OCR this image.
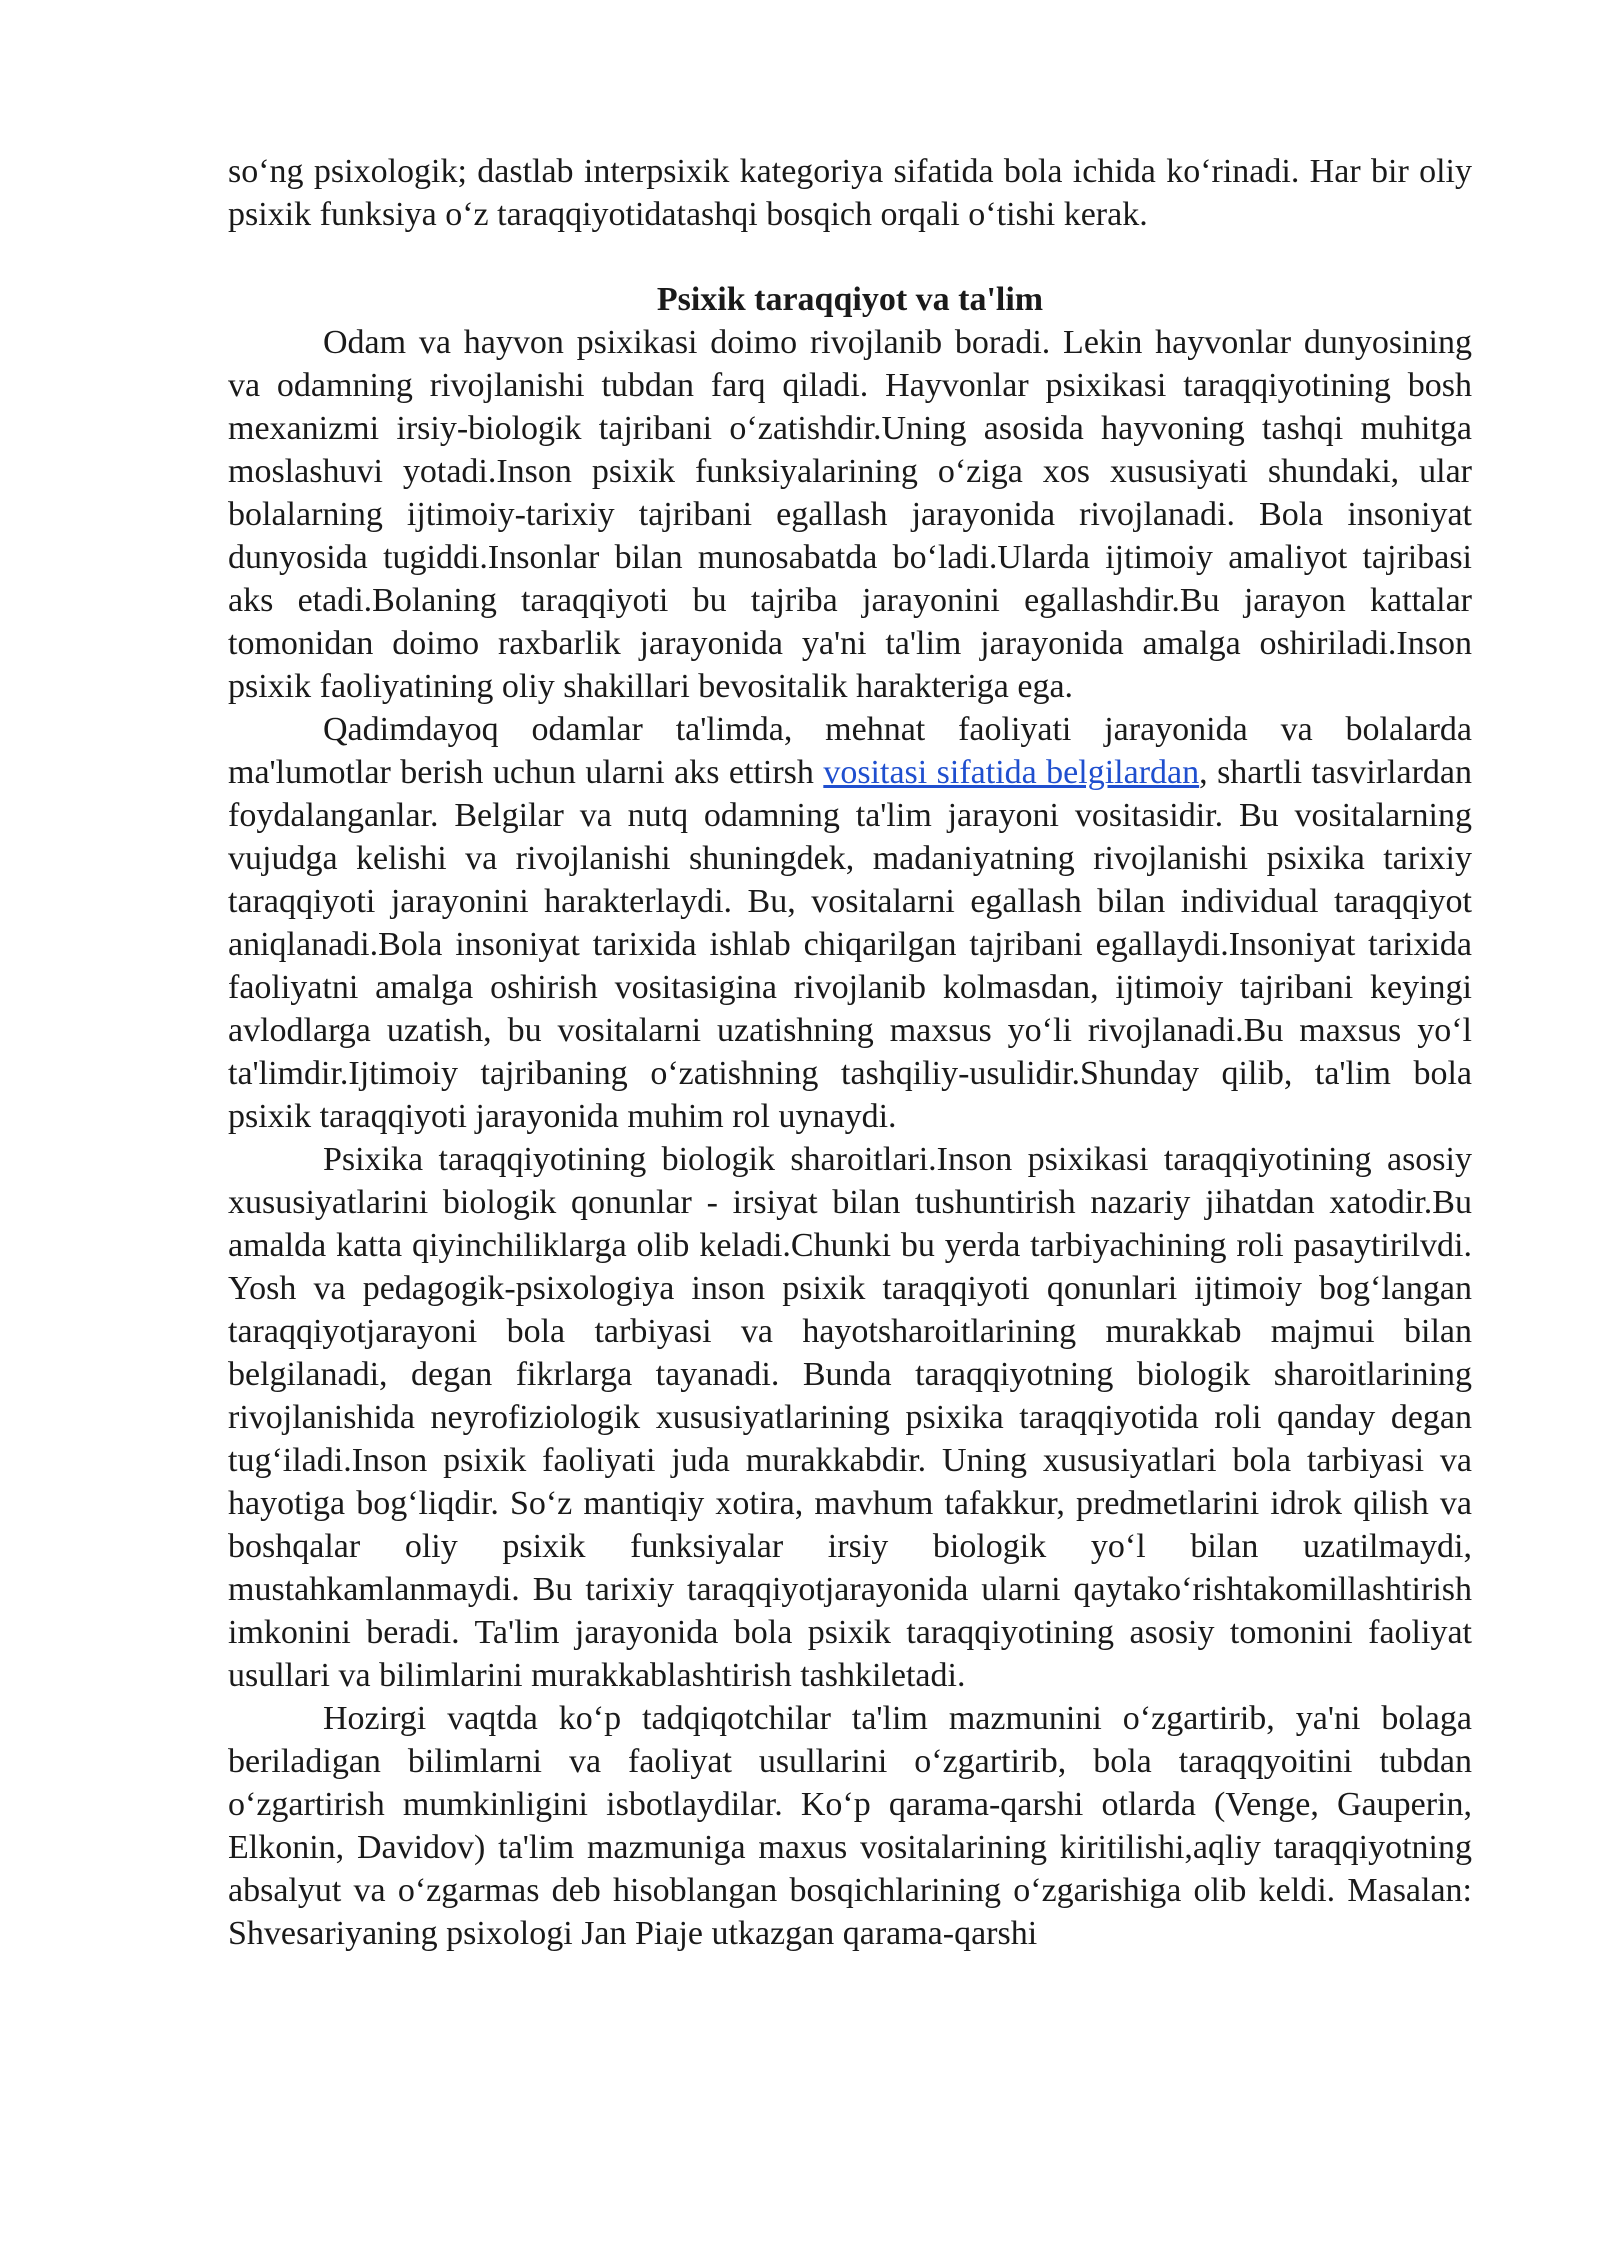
so‘ng psixologik; dastlab interpsixik kategoriya sifatida bola ichida ko‘rinadi. Har bir oliy psixik funksiya o‘z taraqqiyotidatashqi bosqich orqali o‘tishi kerak.

Psixik taraqqiyot va ta'lim

Odam va hayvon psixikasi doimo rivojlanib boradi. Lekin hayvonlar dunyosining va odamning rivojlanishi tubdan farq qiladi. Hayvonlar psixikasi taraqqiyotining bosh mexanizmi irsiy-biologik tajribani o‘zatishdir.Uning asosida hayvoning tashqi muhitga moslashuvi yotadi.Inson psixik funksiyalarining o‘ziga xos xususiyati shundaki, ular bolalarning ijtimoiy-tarixiy tajribani egallash jarayonida rivojlanadi. Bola insoniyat dunyosida tugiddi.Insonlar bilan munosabatda bo‘ladi.Ularda ijtimoiy amaliyot tajribasi aks etadi.Bolaning taraqqiyoti bu tajriba jarayonini egallashdir.Bu jarayon kattalar tomonidan doimo raxbarlik jarayonida ya'ni ta'lim jarayonida amalga oshiriladi.Inson psixik faoliyatining oliy shakillari bevositalik harakteriga ega.

Qadimdayoq odamlar ta'limda, mehnat faoliyati jarayonida va bolalarda ma'lumotlar berish uchun ularni aks ettirsh vositasi sifatida belgilardan, shartli tasvirlardan foydalanganlar. Belgilar va nutq odamning ta'lim jarayoni vositasidir. Bu vositalarning vujudga kelishi va rivojlanishi shuningdek, madaniyatning rivojlanishi psixika tarixiy taraqqiyoti jarayonini harakterlaydi. Bu, vositalarni egallash bilan individual taraqqiyot aniqlanadi.Bola insoniyat tarixida ishlab chiqarilgan tajribani egallaydi.Insoniyat tarixida faoliyatni amalga oshirish vositasigina rivojlanib kolmasdan, ijtimoiy tajribani keyingi avlodlarga uzatish, bu vositalarni uzatishning maxsus yo‘li rivojlanadi.Bu maxsus yo‘l ta'limdir.Ijtimoiy tajribaning o‘zatishning tashqiliy-usulidir.Shunday qilib, ta'lim bola psixik taraqqiyoti jarayonida muhim rol uynaydi.

Psixika taraqqiyotining biologik sharoitlari.Inson psixikasi taraqqiyotining asosiy xususiyatlarini biologik qonunlar - irsiyat bilan tushuntirish nazariy jihatdan xatodir.Bu amalda katta qiyinchiliklarga olib keladi.Chunki bu yerda tarbiyachining roli pasaytirilvdi. Yosh va pedagogik-psixologiya inson psixik taraqqiyoti qonunlari ijtimoiy bog‘langan taraqqiyotjarayoni bola tarbiyasi va hayotsharoitlarining murakkab majmui bilan belgilanadi, degan fikrlarga tayanadi. Bunda taraqqiyotning biologik sharoitlarining rivojlanishida neyrofiziologik xususiyatlarining psixika taraqqiyotida roli qanday degan tug‘iladi.Inson psixik faoliyati juda murakkabdir. Uning xususiyatlari bola tarbiyasi va hayotiga bog‘liqdir. So‘z mantiqiy xotira, mavhum tafakkur, predmetlarini idrok qilish va boshqalar oliy psixik funksiyalar irsiy biologik yo‘l bilan uzatilmaydi, mustahkamlanmaydi. Bu tarixiy taraqqiyotjarayonida ularni qaytako‘rishtakomillashtirish imkonini beradi. Ta'lim jarayonida bola psixik taraqqiyotining asosiy tomonini faoliyat usullari va bilimlarini murakkablashtirish tashkiletadi.

Hozirgi vaqtda ko‘p tadqiqotchilar ta'lim mazmunini o‘zgartirib, ya'ni bolaga beriladigan bilimlarni va faoliyat usullarini o‘zgartirib, bola taraqqyoitini tubdan o‘zgartirish mumkinligini isbotlaydilar. Ko‘p qarama-qarshi otlarda (Venge, Gauperin, Elkonin, Davidov) ta'lim mazmuniga maxus vositalarining kiritilishi,aqliy taraqqiyotning absalyut va o‘zgarmas deb hisoblangan bosqichlarining o‘zgarishiga olib keldi. Masalan: Shvesariyaning psixologi Jan Piaje utkazgan qarama-qarshi
